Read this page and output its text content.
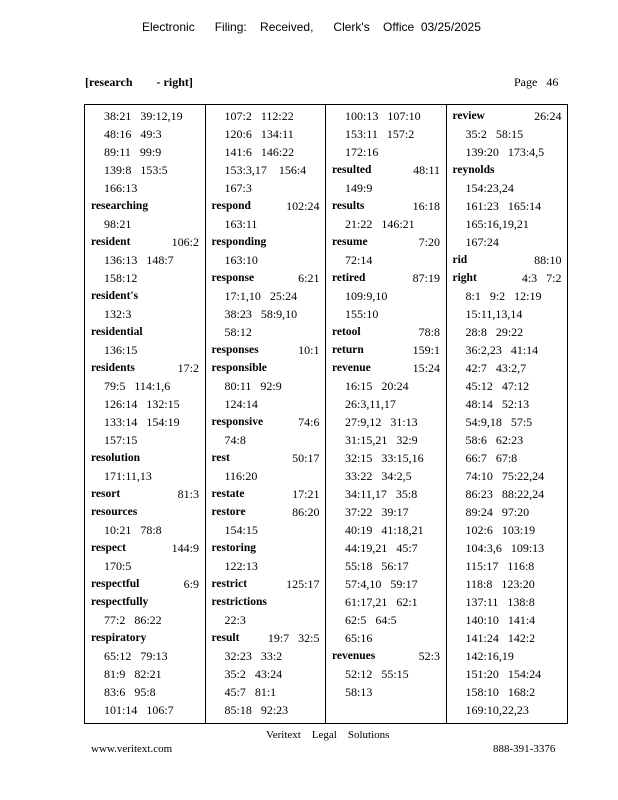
Electronic      Filing:    Received,      Clerk's    Office  03/25/2025
[research        - right]	Page   46
38:21   39:12,19
48:16   49:3
89:11   99:9
139:8   153:5
166:13
researching
98:21
resident	106:2
136:13   148:7
158:12
resident's
132:3
residential
136:15
residents	17:2
79:5   114:1,6
126:14   132:15
133:14   154:19
157:15
resolution
171:11,13
resort	81:3
resources
10:21   78:8
respect	144:9
170:5
respectful	6:9
respectfully
77:2   86:22
respiratory
65:12   79:13
81:9   82:21
83:6   95:8
101:14   106:7
107:2   112:22
120:6   134:11
141:6   146:22
153:3,17    156:4
167:3
respond	102:24
163:11
responding
163:10
response	6:21
17:1,10   25:24
38:23   58:9,10
58:12
responses	10:1
responsible
80:11   92:9
124:14
responsive	74:6
74:8
rest	50:17
116:20
restate	17:21
restore	86:20
154:15
restoring
122:13
restrict	125:17
restrictions
22:3
result 19:7   32:5
32:23   33:2
35:2   43:24
45:7   81:1
85:18   92:23
100:13   107:10
153:11   157:2
172:16
resulted	48:11
149:9
results	16:18
21:22   146:21
resume	7:20
72:14
retired	87:19
109:9,10
155:10
retool	78:8
return	159:1
revenue	15:24
16:15   20:24
26:3,11,17
27:9,12   31:13
31:15,21   32:9
32:15   33:15,16
33:22   34:2,5
34:11,17   35:8
37:22   39:17
40:19   41:18,21
44:19,21   45:7
55:18   56:17
57:4,10   59:17
61:17,21   62:1
62:5   64:5
65:16
revenues	52:3
52:12   55:15
58:13
review	26:24
35:2   58:15
139:20   173:4,5
reynolds
154:23,24
161:23   165:14
165:16,19,21
167:24
rid	88:10
right	4:3   7:2
8:1   9:2   12:19
15:11,13,14
28:8   29:22
36:2,23   41:14
42:7   43:2,7
45:12   47:12
48:14   52:13
54:9,18   57:5
58:6   62:23
66:7   67:8
74:10   75:22,24
86:23   88:22,24
89:24   97:20
102:6   103:19
104:3,6   109:13
115:17   116:8
118:8   123:20
137:11   138:8
140:10   141:4
141:24   142:2
142:16,19
151:20   154:24
158:10   168:2
169:10,22,23
Veritext    Legal    Solutions
www.veritext.com	888-391-3376
